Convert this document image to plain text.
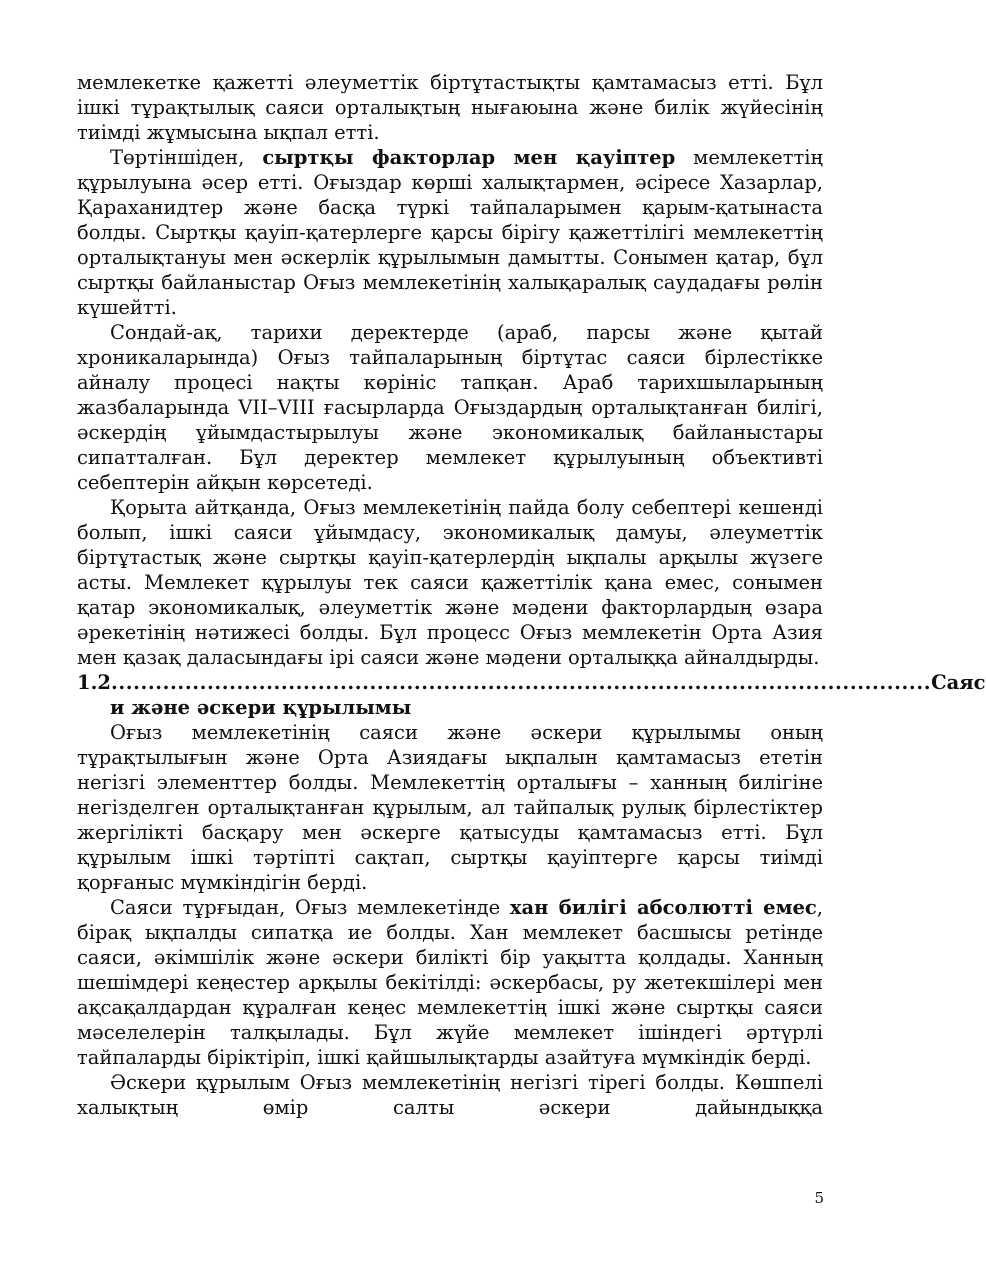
мемлекетке қажетті әлеуметтік біртұтастықты қамтамасыз етті. Бұл ішкі тұрақтылық саяси орталықтың нығаюына және билік жүйесінің тиімді жұмысына ықпал етті.

Төртіншіден, сыртқы факторлар мен қауіптер мемлекеттің құрылуына әсер етті. Оғыздар көрші халықтармен, әсіресе Хазарлар, Қараханидтер және басқа түркі тайпаларымен қарым-қатынаста болды. Сыртқы қауіп-қатерлерге қарсы бірігу қажеттілігі мемлекеттің орталықтануы мен әскерлік құрылымын дамытты. Сонымен қатар, бұл сыртқы байланыстар Оғыз мемлекетінің халықаралық саудадағы рөлін күшейтті.

Сондай-ақ, тарихи деректерде (араб, парсы және қытай хроникаларында) Оғыз тайпаларының біртұтас саяси бірлестікке айналу процесі нақты көрініс тапқан. Араб тарихшыларының жазбаларында VII–VIII ғасырларда Оғыздардың орталықтанған билігі, әскердің ұйымдастырылуы және экономикалық байланыстары сипатталған. Бұл деректер мемлекет құрылуының объективті себептерін айқын көрсетеді.

Қорыта айтқанда, Оғыз мемлекетінің пайда болу себептері кешенді болып, ішкі саяси ұйымдасу, экономикалық дамуы, әлеуметтік біртұтастық және сыртқы қауіп-қатерлердің ықпалы арқылы жүзеге асты. Мемлекет құрылуы тек саяси қажеттілік қана емес, сонымен қатар экономикалық, әлеуметтік және мәдени факторлардың өзара әрекетінің нәтижесі болды. Бұл процесс Оғыз мемлекетін Орта Азия мен қазақ даласындағы ірі саяси және мәдени орталыққа айналдырды.

1.2 ............................................................................................................... Саяс
и және әскери құрылымы

Оғыз мемлекетінің саяси және әскери құрылымы оның тұрақтылығын және Орта Азиядағы ықпалын қамтамасыз ететін негізгі элементтер болды. Мемлекеттің орталығы – ханның билігіне негізделген орталықтанған құрылым, ал тайпалық рулық бірлестіктер жергілікті басқару мен әскерге қатысуды қамтамасыз етті. Бұл құрылым ішкі тәртіпті сақтап, сыртқы қауіптерге қарсы тиімді қорғаныс мүмкіндігін берді.

Саяси тұрғыдан, Оғыз мемлекетінде хан билігі абсолютті емес, бірақ ықпалды сипатқа ие болды. Хан мемлекет басшысы ретінде саяси, әкімшілік және әскери билікті бір уақытта қолдады. Ханның шешімдері кеңестер арқылы бекітілді: әскербасы, ру жетекшілері мен ақсақалдардан құралған кеңес мемлекеттің ішкі және сыртқы саяси мәселелерін талқылады. Бұл жүйе мемлекет ішіндегі әртүрлі тайпаларды біріктіріп, ішкі қайшылықтарды азайтуға мүмкіндік берді.

Әскери құрылым Оғыз мемлекетінің негізгі тірегі болды. Көшпелі халықтың өмір салты әскери дайындыққа

5
